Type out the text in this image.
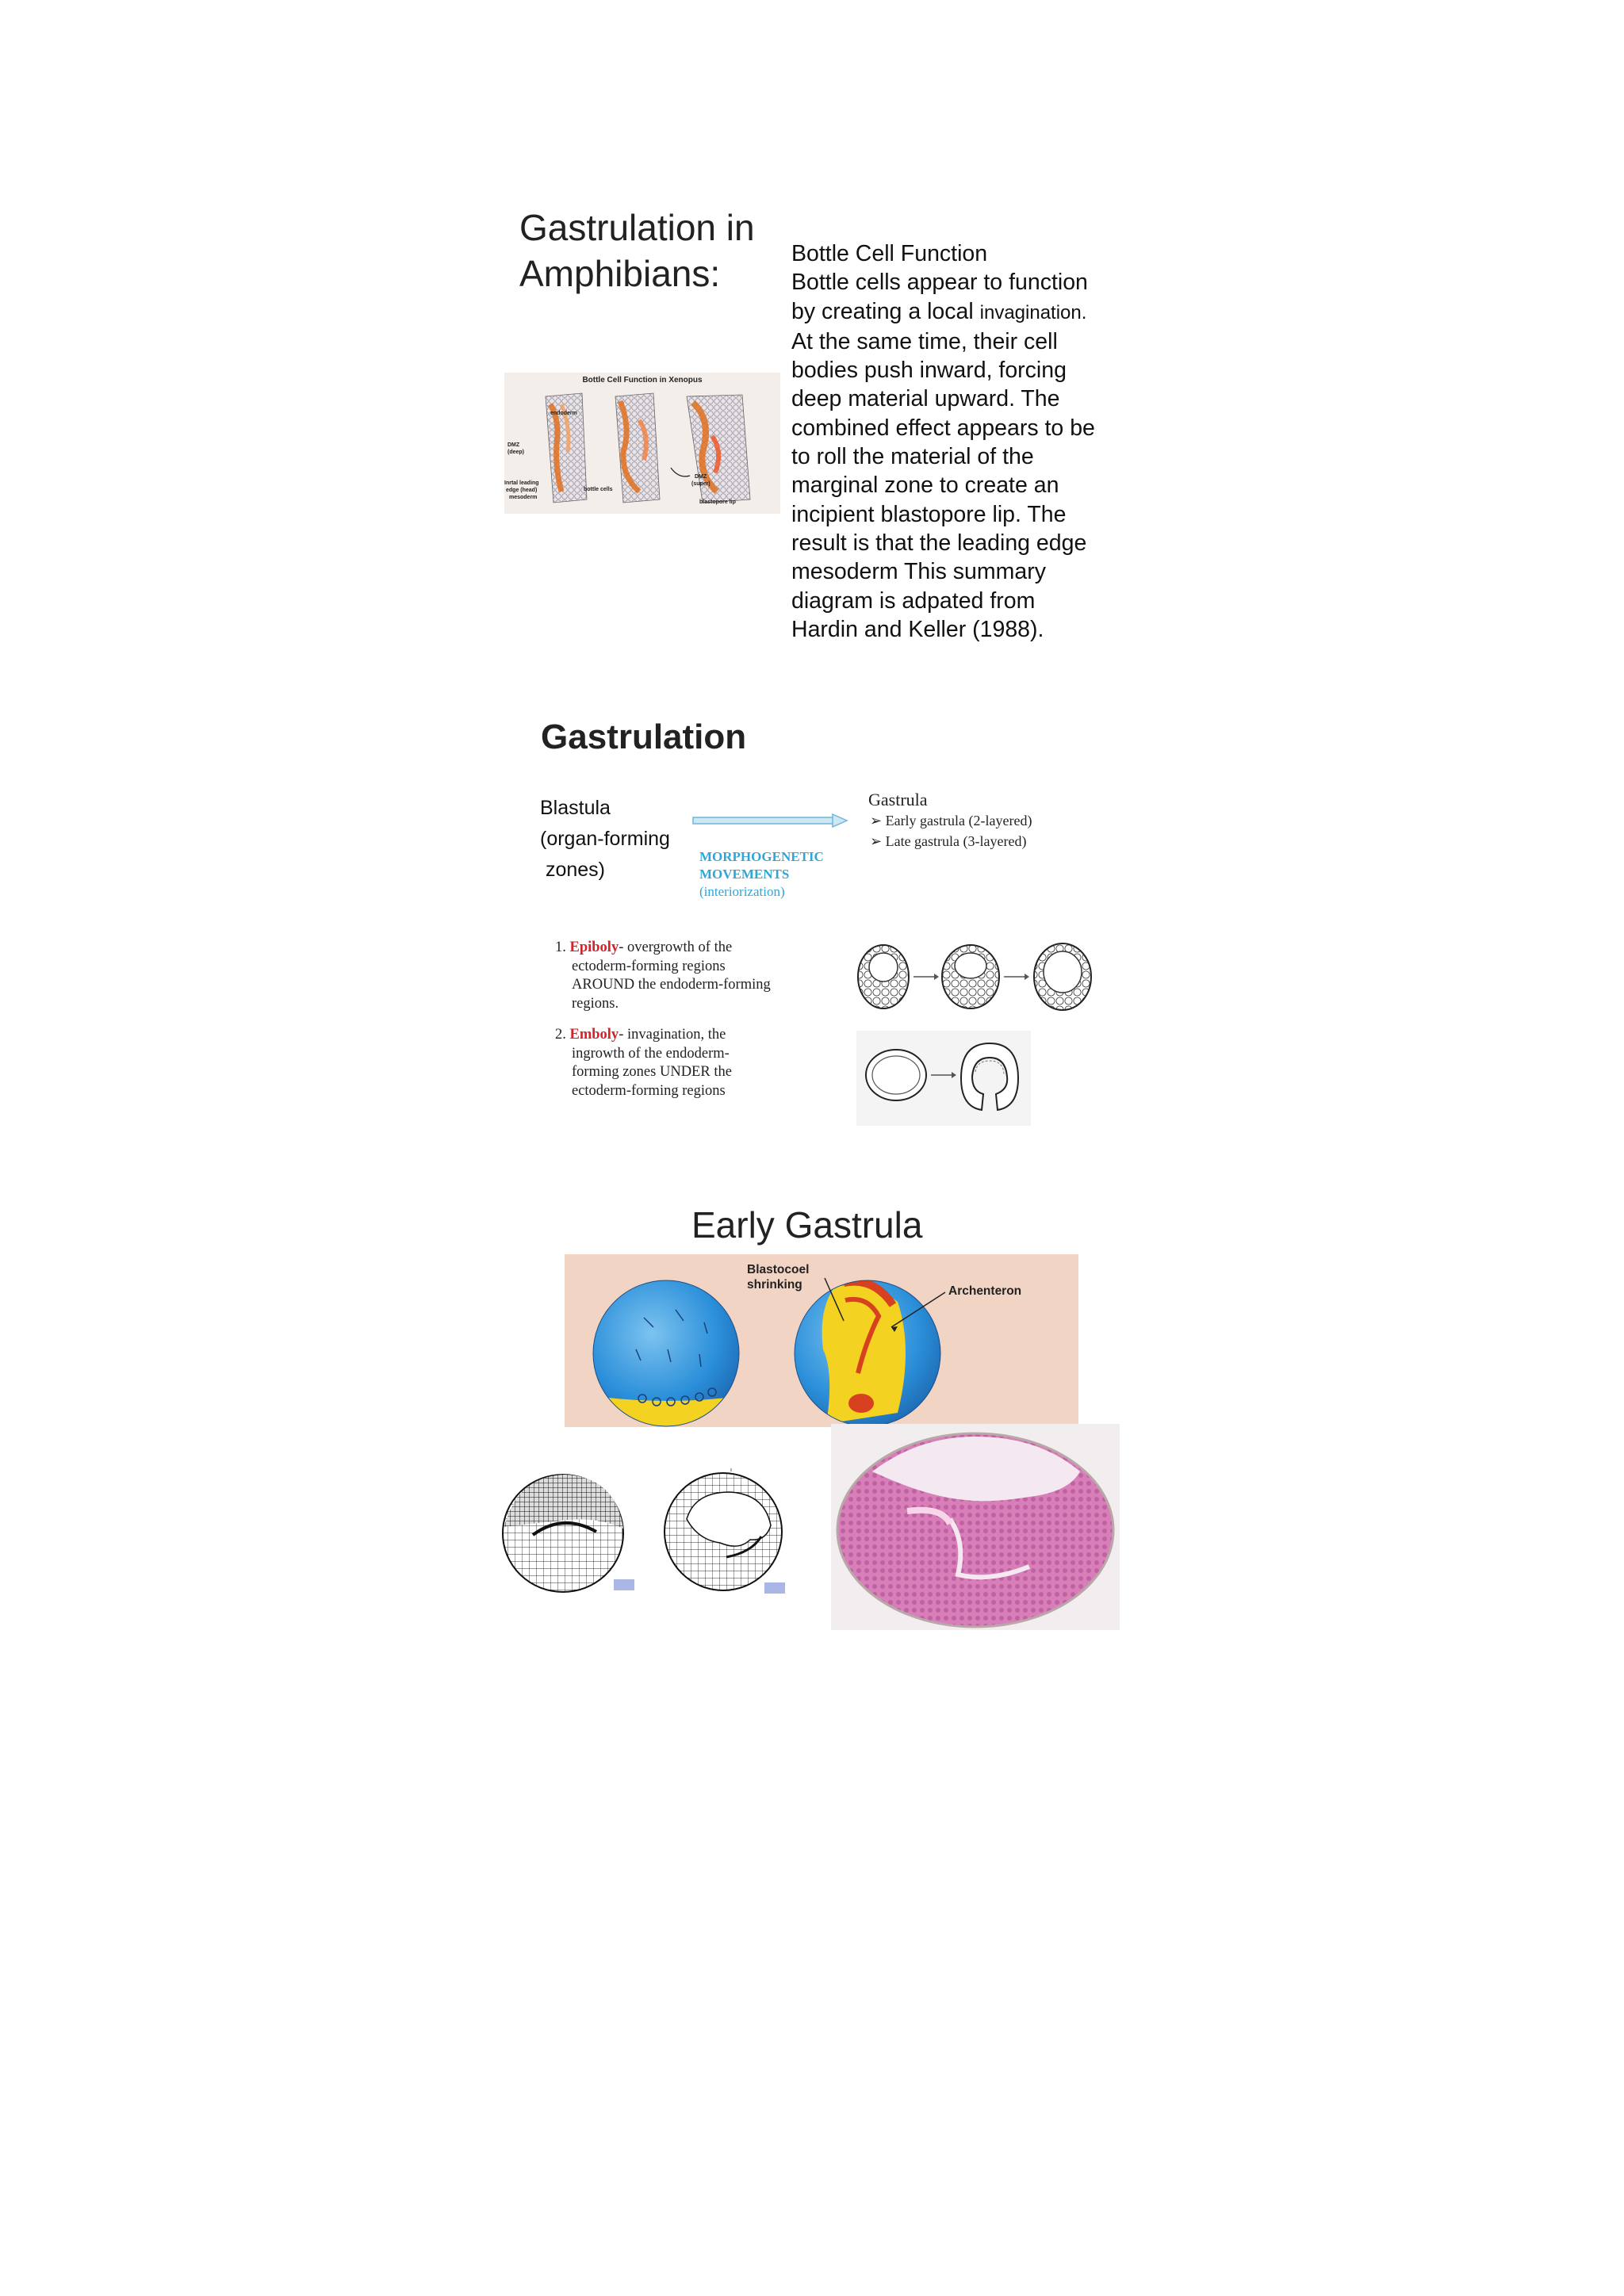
Gastrulation in
Amphibians:	Bottle Cell Function
Bottle cells appear to function
by creating a local invagination.
At the same time, their cell
bodies push inward, forcing
deep material upward. The
combined effect appears to be
to roll the material of the
marginal zone to create an
incipient blastopore lip. The
result is that the leading edge
mesoderm This summary
diagram is adpated from
Hardin and Keller (1988).
Bottle Cell Function in Xenopus
endoderm
DMZ
(deep)
Inrtal leading
edge (head)
mesoderm
bottle cells
DMZ
(super)
blastopore lip
Gastrulation
Blastula
(organ-forming
zones)
MORPHOGENETIC
MOVEMENTS
(interiorization)
Gastrula
➢ Early gastrula (2-layered)
➢ Late gastrula (3-layered)
1. Epiboly- overgrowth of the
ectoderm-forming regions
AROUND the endoderm-forming
regions.
2. Emboly- invagination, the
ingrowth of the endoderm-
forming zones UNDER the
ectoderm-forming regions
Early Gastrula
Blastocoel
shrinking	Archenteron
